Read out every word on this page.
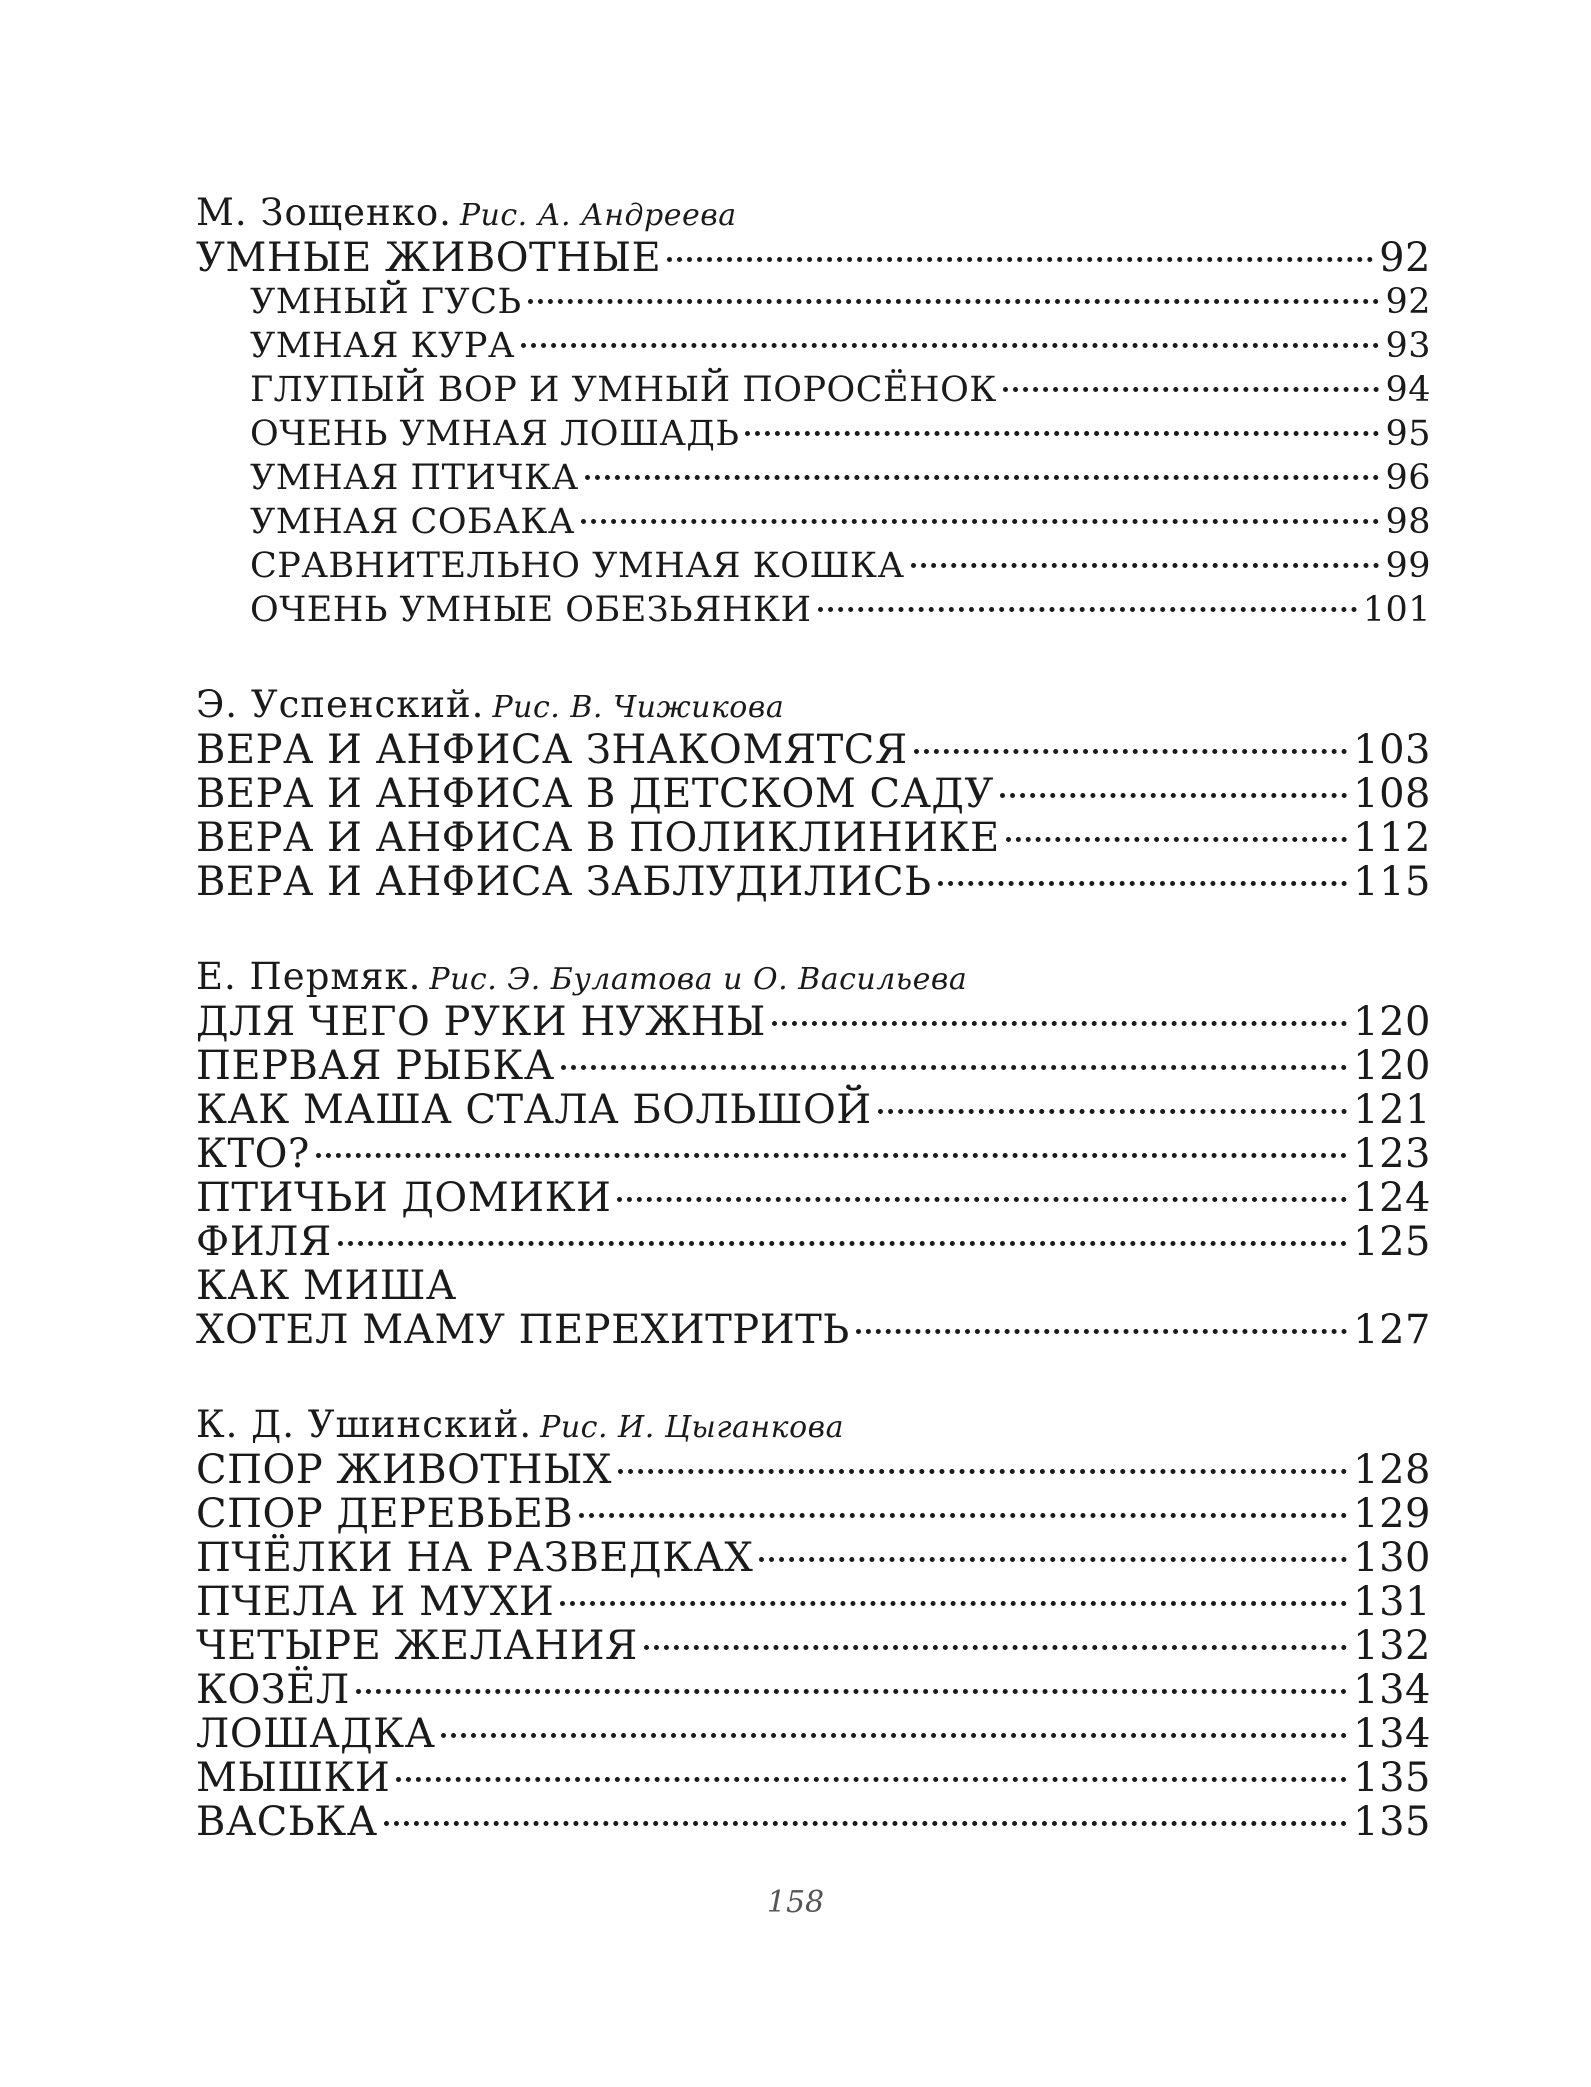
М. Зощенко. Рис. А. Андреева
УМНЫЕ ЖИВОТНЫЕ	92
УМНЫЙ ГУСЬ	92
УМНАЯ КУРА	93
ГЛУПЫЙ ВОР И УМНЫЙ ПОРОСЁНОК	94
ОЧЕНЬ УМНАЯ ЛОШАДЬ	95
УМНАЯ ПТИЧКА	96
УМНАЯ СОБАКА	98
СРАВНИТЕЛЬНО УМНАЯ КОШКА	99
ОЧЕНЬ УМНЫЕ ОБЕЗЬЯНКИ	101
Э. Успенский. Рис. В. Чижикова
ВЕРА И АНФИСА ЗНАКОМЯТСЯ	103
ВЕРА И АНФИСА В ДЕТСКОМ САДУ	108
ВЕРА И АНФИСА В ПОЛИКЛИНИКЕ	112
ВЕРА И АНФИСА ЗАБЛУДИЛИСЬ	115
Е. Пермяк. Рис. Э. Булатова и О. Васильева
ДЛЯ ЧЕГО РУКИ НУЖНЫ	120
ПЕРВАЯ РЫБКА	120
КАК МАША СТАЛА БОЛЬШОЙ	121
КТО?	123
ПТИЧЬИ ДОМИКИ	124
ФИЛЯ	125
КАК МИША
ХОТЕЛ МАМУ ПЕРЕХИТРИТЬ	127
К. Д. Ушинский. Рис. И. Цыганкова
СПОР ЖИВОТНЫХ	128
СПОР ДЕРЕВЬЕВ	129
ПЧЁЛКИ НА РАЗВЕДКАХ	130
ПЧЕЛА И МУХИ	131
ЧЕТЫРЕ ЖЕЛАНИЯ	132
КОЗЁЛ	134
ЛОШАДКА	134
МЫШКИ	135
ВАСЬКА	135
158
